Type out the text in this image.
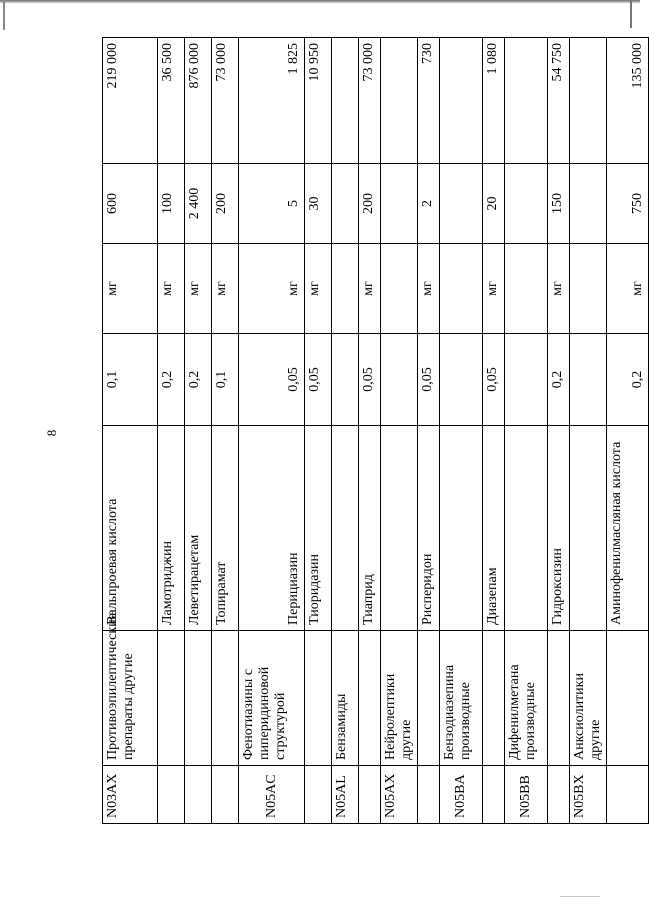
8
N03AX	Противоэпилептические препараты другие	Вальпроевая кислота	0,1	мг	600	219 000
		Ламотриджин	0,2	мг	100	36 500
		Леветирацетам	0,2	мг	2 400	876 000
		Топирамат	0,1	мг	200	73 000
N05AC	Фенотиазины с пиперидиновой структурой	Перициазин	0,05	мг	5	1 825
		Тиоридазин	0,05	мг	30	10 950
N05AL	Бензамиды					
		Тиаприд	0,05	мг	200	73 000
N05AX	Нейролептики другие					
		Рисперидон	0,05	мг	2	730
N05BA	Бензодиазепина производные					
		Диазепам	0,05	мг	20	1 080
N05BB	Дифенилметана производные					
		Гидроксизин	0,2	мг	150	54 750
N05BX	Анксиолитики другие					
		Аминофенилмасляная кислота	0,2	мг	750	135 000
